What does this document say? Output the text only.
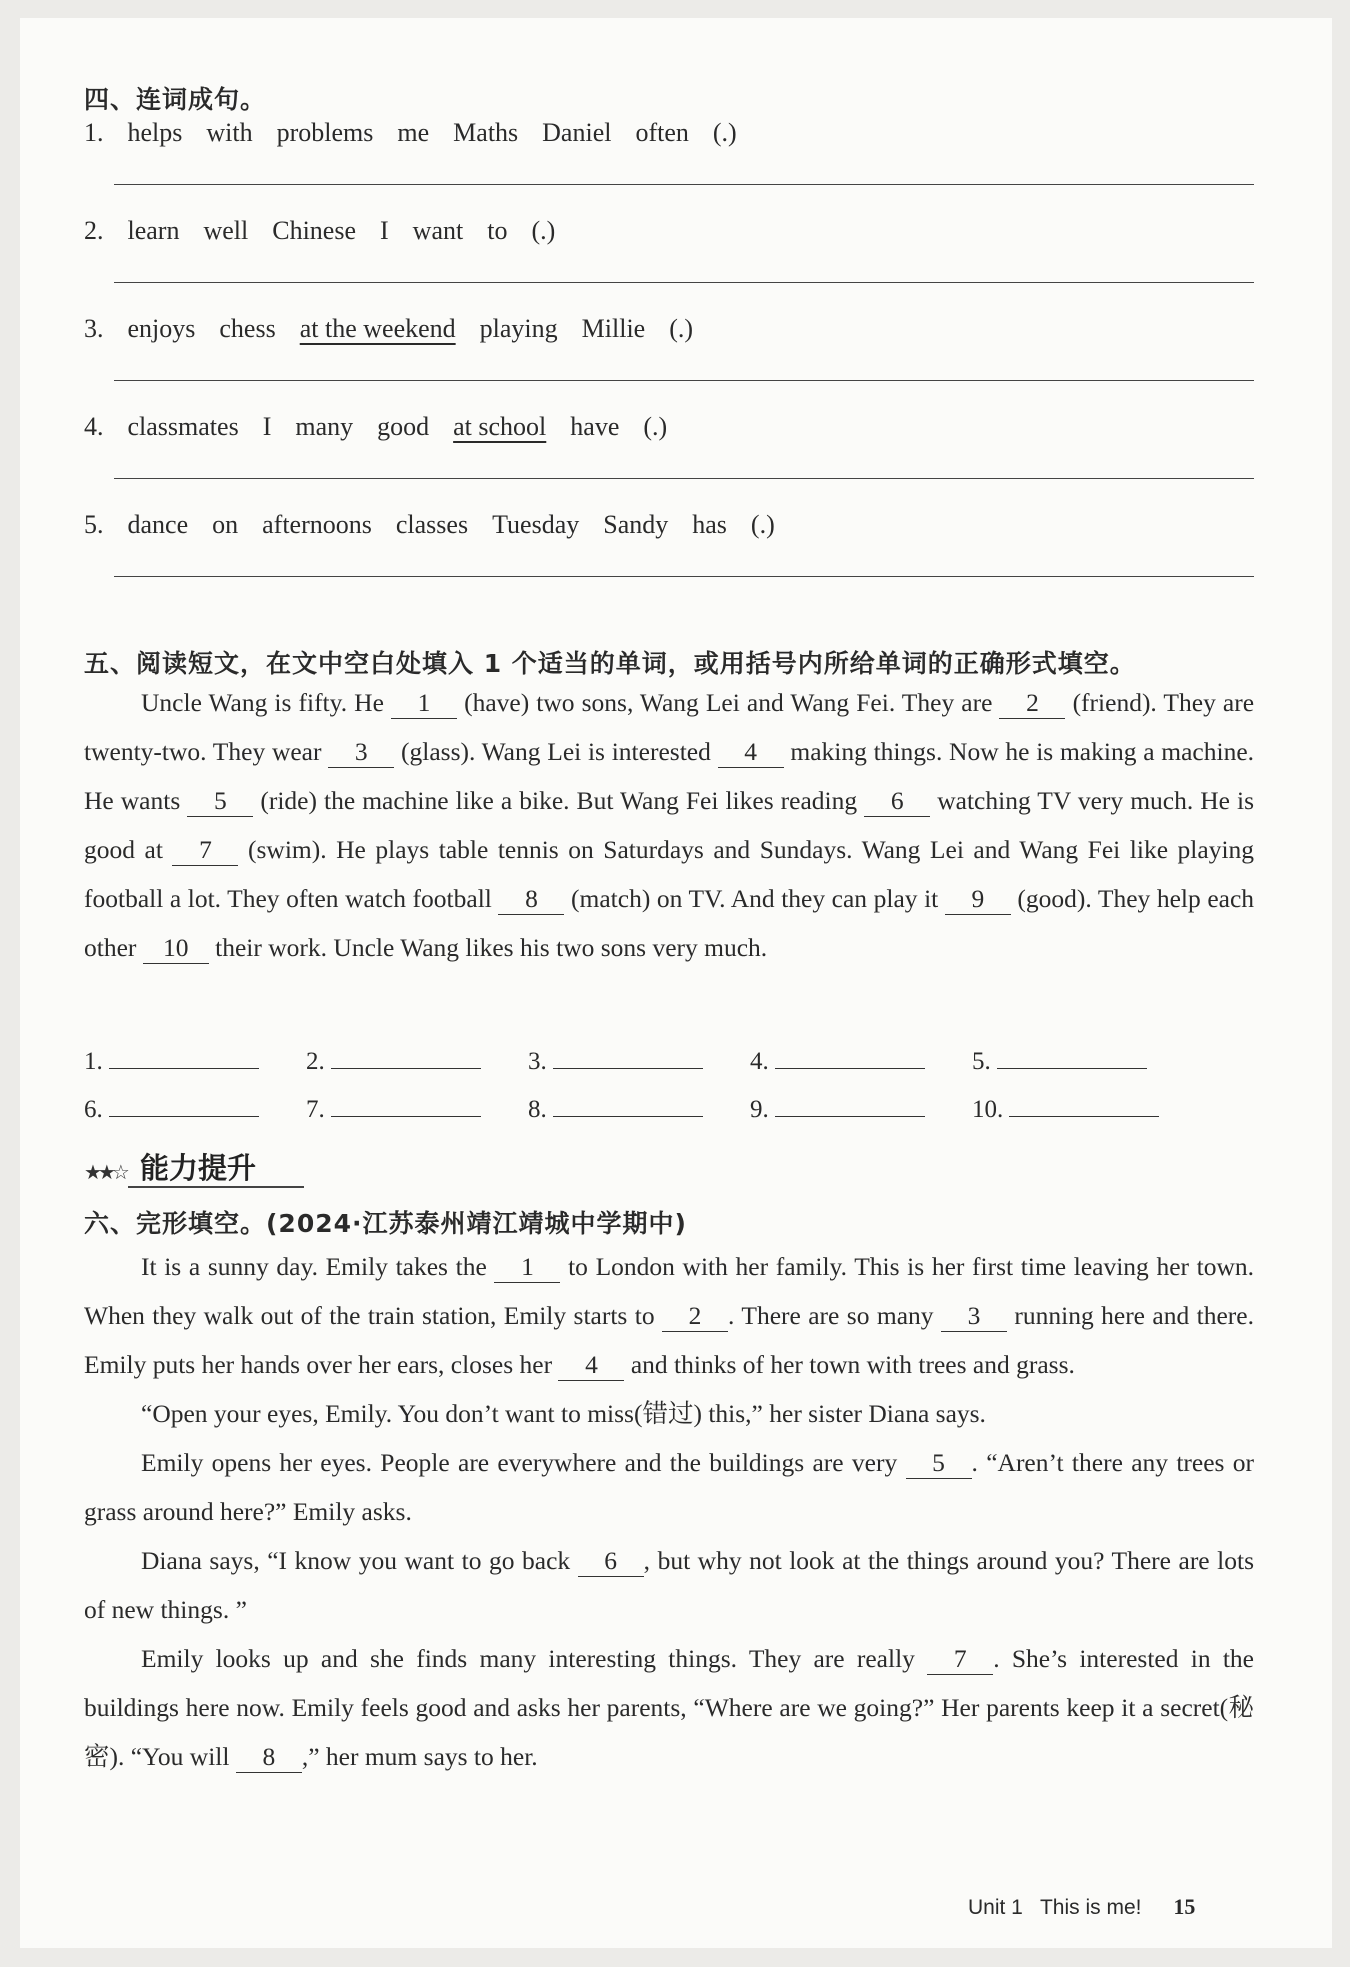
四、连词成句。
1. helps with problems me Maths Daniel often (.)
2. learn well Chinese I want to (.)
3. enjoys chess at the weekend playing Millie (.)
4. classmates I many good at school have (.)
5. dance on afternoons classes Tuesday Sandy has (.)
五、阅读短文，在文中空白处填入 1 个适当的单词，或用括号内所给单词的正确形式填空。

Uncle Wang is fifty. He 1 (have) two sons, Wang Lei and Wang Fei. They are 2 (friend). They are twenty-two. They wear 3 (glass). Wang Lei is interested 4 making things. Now he is making a machine. He wants 5 (ride) the machine like a bike. But Wang Fei likes reading 6 watching TV very much. He is good at 7 (swim). He plays table tennis on Saturdays and Sundays. Wang Lei and Wang Fei like playing football a lot. They often watch football 8 (match) on TV. And they can play it 9 (good). They help each other 10 their work. Uncle Wang likes his two sons very much.

1.	2.	3.	4.	5.
6.	7.	8.	9.	10.
★★☆ 能力提升
六、完形填空。(2024·江苏泰州靖江靖城中学期中)

It is a sunny day. Emily takes the 1 to London with her family. This is her first time leaving her town. When they walk out of the train station, Emily starts to 2 . There are so many 3 running here and there. Emily puts her hands over her ears, closes her 4 and thinks of her town with trees and grass.

“Open your eyes, Emily. You don’t want to miss(错过) this,” her sister Diana says.

Emily opens her eyes. People are everywhere and the buildings are very 5 . “Aren’t there any trees or grass around here?” Emily asks.

Diana says, “I know you want to go back 6 , but why not look at the things around you? There are lots of new things. ”

Emily looks up and she finds many interesting things. They are really 7 . She’s interested in the buildings here now. Emily feels good and asks her parents, “Where are we going?” Her parents keep it a secret(秘密). “You will 8 ,” her mum says to her.

Unit 1 This is me! 15
